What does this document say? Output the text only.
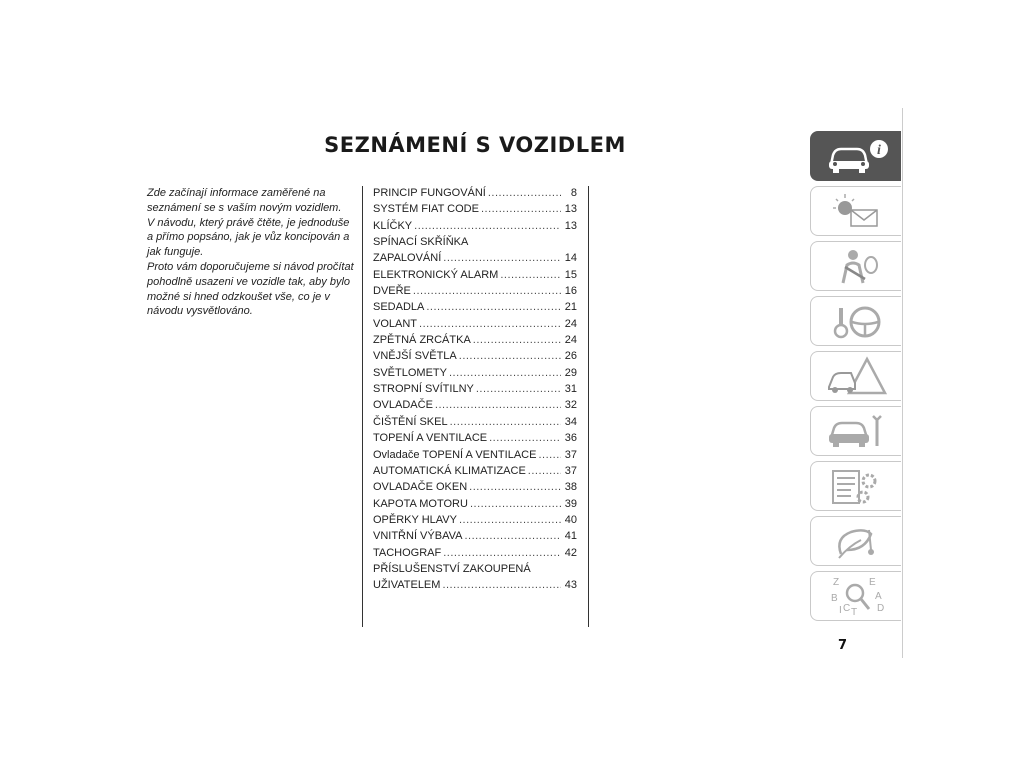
SEZNÁMENÍ S VOZIDLEM

Zde začínají informace zaměřené na seznámení se s vaším novým vozidlem.

V návodu, který právě čtěte, je jednoduše a přímo popsáno, jak je vůz koncipován a jak funguje.

Proto vám doporučujeme si návod pročítat pohodlně usazeni ve vozidle tak, aby bylo možné si hned odzkoušet vše, co je v návodu vysvětlováno.

PRINCIP FUNGOVÁNÍ .....	8
SYSTÉM FIAT CODE .....	13
KLÍČKY .....	13
SPÍNACÍ SKŘÍŇKA
ZAPALOVÁNÍ .....	14
ELEKTRONICKÝ ALARM .....	15
DVEŘE .....	16
SEDADLA .....	21
VOLANT .....	24
ZPĚTNÁ ZRCÁTKA .....	24
VNĚJŠÍ SVĚTLA .....	26
SVĚTLOMETY .....	29
STROPNÍ SVÍTILNY .....	31
OVLADAČE .....	32
ČIŠTĚNÍ SKEL .....	34
TOPENÍ A VENTILACE .....	36
Ovladače TOPENÍ A VENTILACE .....	37
AUTOMATICKÁ KLIMATIZACE .....	37
OVLADAČE OKEN .....	38
KAPOTA MOTORU .....	39
OPĚRKY HLAVY .....	40
VNITŘNÍ VÝBAVA .....	41
TACHOGRAF .....	42
PŘÍSLUŠENSTVÍ ZAKOUPENÁ
UŽIVATELEM .....	43
i
Z	E
B	A
C	D
I T
7
